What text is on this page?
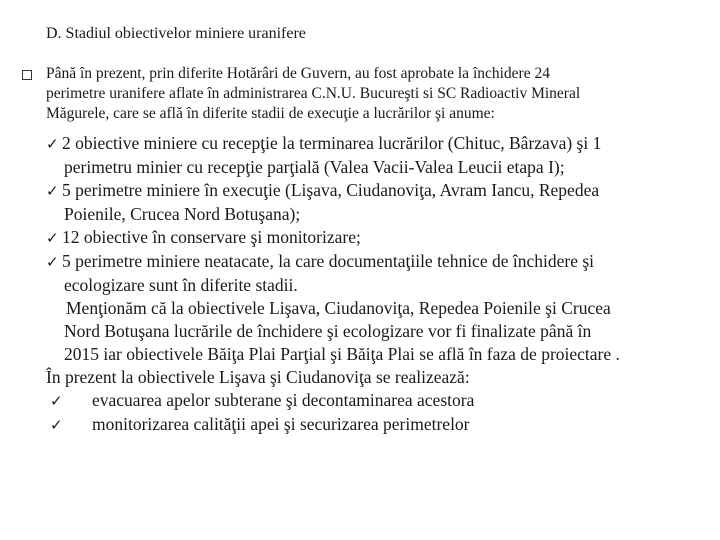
D. Stadiul obiectivelor miniere uranifere
Până în prezent, prin diferite Hotărâri de Guvern, au fost aprobate la închidere 24
perimetre uranifere aflate în administrarea C.N.U. Bucureşti si SC Radioactiv Mineral
Măgurele, care se află în diferite stadii de execuţie a lucrărilor şi anume:
✓ 2 obiective miniere cu recepţie la terminarea lucrărilor (Chituc, Bârzava) şi 1
perimetru minier cu recepţie parţială (Valea Vacii-Valea Leucii etapa I);
✓ 5 perimetre miniere în execuţie (Lişava, Ciudanoviţa, Avram Iancu, Repedea
Poienile, Crucea Nord Botuşana);
✓ 12 obiective în conservare şi monitorizare;
✓ 5 perimetre miniere neatacate, la care documentaţiile tehnice de închidere şi
ecologizare sunt în diferite stadii.
Menţionăm că la obiectivele Lişava, Ciudanoviţa, Repedea Poienile şi Crucea
Nord Botuşana lucrările de închidere şi ecologizare vor fi finalizate până în
2015 iar obiectivele Băiţa Plai Parţial şi Băiţa Plai se află în faza de proiectare .
În prezent la obiectivele Lişava şi Ciudanoviţa se realizează:
✓ evacuarea apelor subterane şi decontaminarea acestora
✓ monitorizarea calităţii apei şi securizarea perimetrelor
